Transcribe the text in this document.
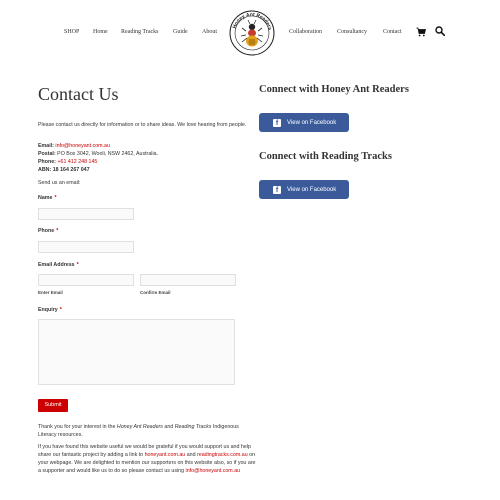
SHOP Home Reading Tracks Guide About
Honey Ant Readers
Collaboration	Consultancy	Contact
Contact Us

Please contact us directly for information or to share ideas. We love hearing from people.

Email: info@honeyant.com.au
Postal: PO Box 3042, Wooli, NSW 2462, Australia.
Phone: +61 412 248 145
ABN: 18 164 267 047

Send us an email:

Name *
Phone *
Email Address *
Enter Email	Confirm Email
Enquiry *
Submit

Thank you for your interest in the Honey Ant Readers and Reading Tracks Indigenous Literacy resources.

If you have found this website useful we would be grateful if you would support us and help share our fantastic project by adding a link to honeyant.com.au and readingtracks.com.au on your webpage. We are delighted to mention our supporters on this website also, so if you are a supporter and would like us to do so please contact us using info@honeyant.com.au

Connect with Honey Ant Readers
f	View on Facebook
Connect with Reading Tracks
f	View on Facebook
